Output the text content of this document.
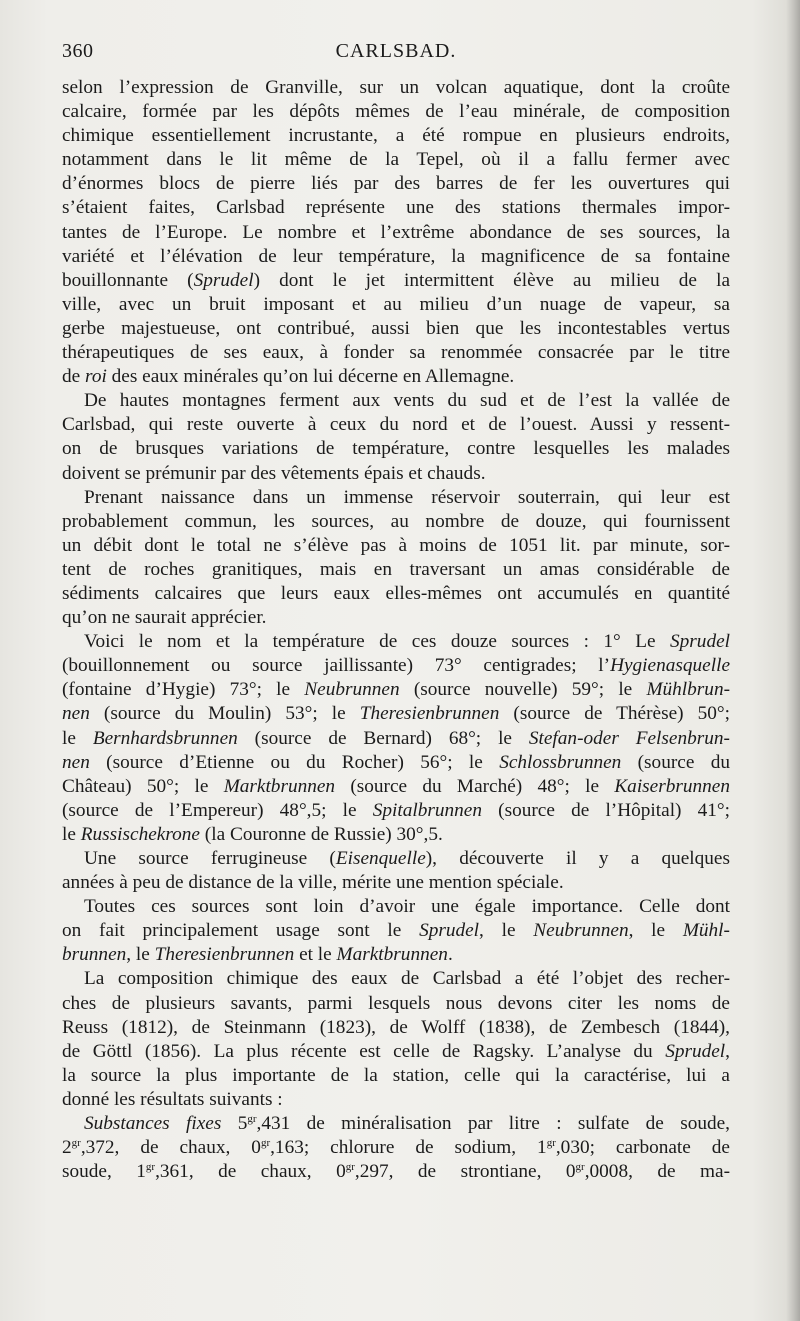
360	CARLSBAD.
selon l’expression de Granville, sur un volcan aquatique, dont la croûte
calcaire, formée par les dépôts mêmes de l’eau minérale, de composition
chimique essentiellement incrustante, a été rompue en plusieurs endroits,
notamment dans le lit même de la Tepel, où il a fallu fermer avec
d’énormes blocs de pierre liés par des barres de fer les ouvertures qui
s’étaient faites, Carlsbad représente une des stations thermales impor-
tantes de l’Europe. Le nombre et l’extrême abondance de ses sources, la
variété et l’élévation de leur température, la magnificence de sa fontaine
bouillonnante (Sprudel) dont le jet intermittent élève au milieu de la
ville, avec un bruit imposant et au milieu d’un nuage de vapeur, sa
gerbe majestueuse, ont contribué, aussi bien que les incontestables vertus
thérapeutiques de ses eaux, à fonder sa renommée consacrée par le titre
de roi des eaux minérales qu’on lui décerne en Allemagne.
De hautes montagnes ferment aux vents du sud et de l’est la vallée de
Carlsbad, qui reste ouverte à ceux du nord et de l’ouest. Aussi y ressent-
on de brusques variations de température, contre lesquelles les malades
doivent se prémunir par des vêtements épais et chauds.
Prenant naissance dans un immense réservoir souterrain, qui leur est
probablement commun, les sources, au nombre de douze, qui fournissent
un débit dont le total ne s’élève pas à moins de 1051 lit. par minute, sor-
tent de roches granitiques, mais en traversant un amas considérable de
sédiments calcaires que leurs eaux elles-mêmes ont accumulés en quantité
qu’on ne saurait apprécier.
Voici le nom et la température de ces douze sources : 1° Le Sprudel
(bouillonnement ou source jaillissante) 73° centigrades; l’Hygienasquelle
(fontaine d’Hygie) 73°; le Neubrunnen (source nouvelle) 59°; le Mühlbrun-
nen (source du Moulin) 53°; le Theresienbrunnen (source de Thérèse) 50°;
le Bernhardsbrunnen (source de Bernard) 68°; le Stefan-oder Felsenbrun-
nen (source d’Etienne ou du Rocher) 56°; le Schlossbrunnen (source du
Château) 50°; le Marktbrunnen (source du Marché) 48°; le Kaiserbrunnen
(source de l’Empereur) 48°,5; le Spitalbrunnen (source de l’Hôpital) 41°;
le Russischekrone (la Couronne de Russie) 30°,5.
Une source ferrugineuse (Eisenquelle), découverte il y a quelques
années à peu de distance de la ville, mérite une mention spéciale.
Toutes ces sources sont loin d’avoir une égale importance. Celle dont
on fait principalement usage sont le Sprudel, le Neubrunnen, le Mühl-
brunnen, le Theresienbrunnen et le Marktbrunnen.
La composition chimique des eaux de Carlsbad a été l’objet des recher-
ches de plusieurs savants, parmi lesquels nous devons citer les noms de
Reuss (1812), de Steinmann (1823), de Wolff (1838), de Zembesch (1844),
de Göttl (1856). La plus récente est celle de Ragsky. L’analyse du Sprudel,
la source la plus importante de la station, celle qui la caractérise, lui a
donné les résultats suivants :
Substances fixes $5^{gr},431$ de minéralisation par litre : sulfate de soude,
$2^{gr},372$, de chaux, $0^{gr},163$; chlorure de sodium, $1^{gr},030$; carbonate de
soude, $1^{gr},361$, de chaux, $0^{gr},297$, de strontiane, $0^{gr},0008$, de ma-
